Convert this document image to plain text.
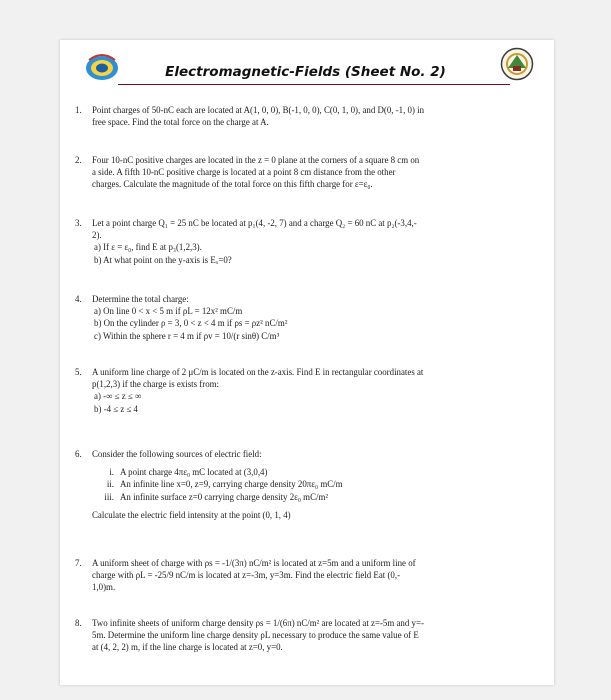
Electromagnetic-Fields (Sheet No. 2)
1.	Point charges of 50-nC each are located at A(1, 0, 0), B(-1, 0, 0), C(0, 1, 0), and D(0, -1, 0) in
free space. Find the total force on the charge at A.
2.	Four 10-nC positive charges are located in the z = 0 plane at the corners of a square 8 cm on
a side. A fifth 10-nC positive charge is located at a point 8 cm distance from the other
charges. Calculate the magnitude of the total force on this fifth charge for ε=ε₀.
3.	Let a point charge Q₁ = 25 nC be located at p₁(4, -2, 7) and a charge Q₂ = 60 nC at p₂(-3,4,-
2).
a) If ε = ε₀, find E at p₃(1,2,3).
b) At what point on the y-axis is Eₓ=0?
4.	Determine the total charge:
a) On line 0 < x < 5 m if ρL = 12x² mC/m
b) On the cylinder ρ = 3, 0 < z < 4 m if ρs = ρz² nC/m²
c) Within the sphere r = 4 m if ρv = 10/(r sinθ) C/m³
5.	A uniform line charge of 2 μC/m is located on the z-axis. Find E in rectangular coordinates at
p(1,2,3) if the charge is exists from:
a) -∞ ≤ z ≤ ∞
b) -4 ≤ z ≤ 4
6.	Consider the following sources of electric field:
i. A point charge 4πε₀ mC located at (3,0,4)
ii. An infinite line x=0, z=9, carrying charge density 20πε₀ mC/m
iii. An infinite surface z=0 carrying charge density 2ε₀ mC/m²
Calculate the electric field intensity at the point (0, 1, 4)
7.	A uniform sheet of charge with ρs = -1/(3π) nC/m² is located at z=5m and a uniform line of
charge with ρL = -25/9 nC/m is located at z=-3m, y=3m. Find the electric field Eat (0,-
1,0)m.
8.	Two infinite sheets of uniform charge density ρs = 1/(6π) nC/m² are located at z=-5m and y=-
5m. Determine the uniform line charge density ρL necessary to produce the same value of E
at (4, 2, 2) m, if the line charge is located at z=0, y=0.
